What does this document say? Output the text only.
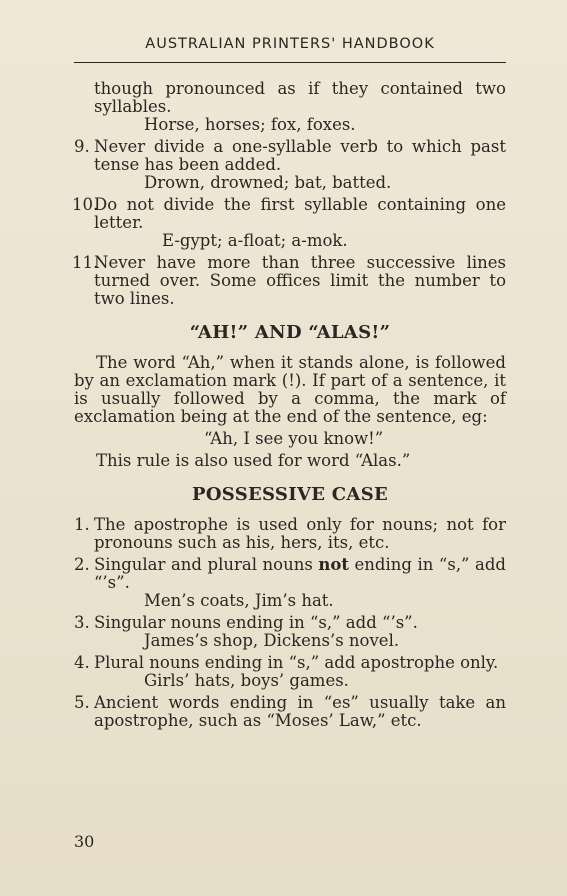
AUSTRALIAN PRINTERS' HANDBOOK
though pronounced as if they contained two syllables.
Horse, horses; fox, foxes.
9. Never divide a one-syllable verb to which past tense has been added.
Drown, drowned; bat, batted.
10.
Do not divide the first syllable containing one letter.
E-gypt; a-float; a-mok.
11.
Never have more than three successive lines turned over. Some offices limit the number to two lines.
“AH!” AND “ALAS!”
The word “Ah,” when it stands alone, is followed by an exclamation mark (!). If part of a sentence, it is usually followed by a comma, the mark of exclamation being at the end of the sentence, eg:
“Ah, I see you know!”
This rule is also used for word “Alas.”
POSSESSIVE CASE
1. The apostrophe is used only for nouns; not for pronouns such as his, hers, its, etc.
2. Singular and plural nouns not ending in “s,” add “’s”.
Men’s coats, Jim’s hat.
3. Singular nouns ending in “s,” add “’s”.
James’s shop, Dickens’s novel.
4. Plural nouns ending in “s,” add apostrophe only.
Girls’ hats, boys’ games.
5. Ancient words ending in “es” usually take an apostrophe, such as “Moses’ Law,” etc.
30
